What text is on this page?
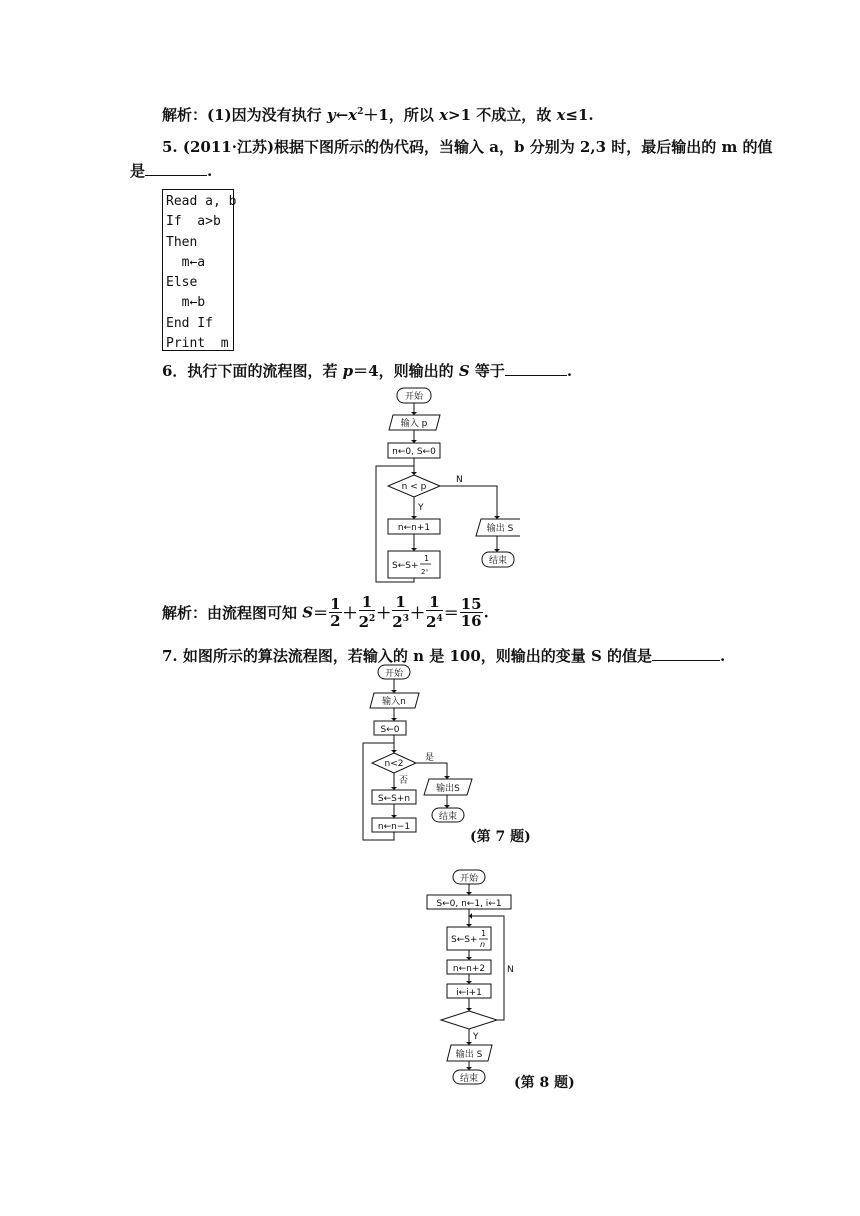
解析：(1)因为没有执行 $y\leftarrow x^2+1$，所以 x>1 不成立，故 x≤1.
5. (2011·江苏)根据下图所示的伪代码，当输入 a，b 分别为 2,3 时，最后输出的 m 的值
是	.
Read a, b
If  a>b
Then
m←a
Else
m←b
End If
Print  m
6．执行下面的流程图，若 p＝4，则输出的 S 等于	.
开始
输入 p
n←0, S←0
n < p
Y
N
n←n+1
S←S+
1
2ⁿ
输出 S
结束
解析：由流程图可知 $S= \frac{1}{2} + \frac{1}{2^2} + \frac{1}{2^3} + \frac{1}{2^4} = \frac{15}{16}$ .
7. 如图所示的算法流程图，若输入的 n 是 100，则输出的变量 S 的值是	.
开始
输入n
S←0
n<2
是
否
S←S+n
n←n−1
输出S
结束
(第 7 题)
开始
S←0, n←1, i←1
S←S+
1
n
n←n+2
i←i+1
Y
N
输出 S
结束	(第 8 题)
